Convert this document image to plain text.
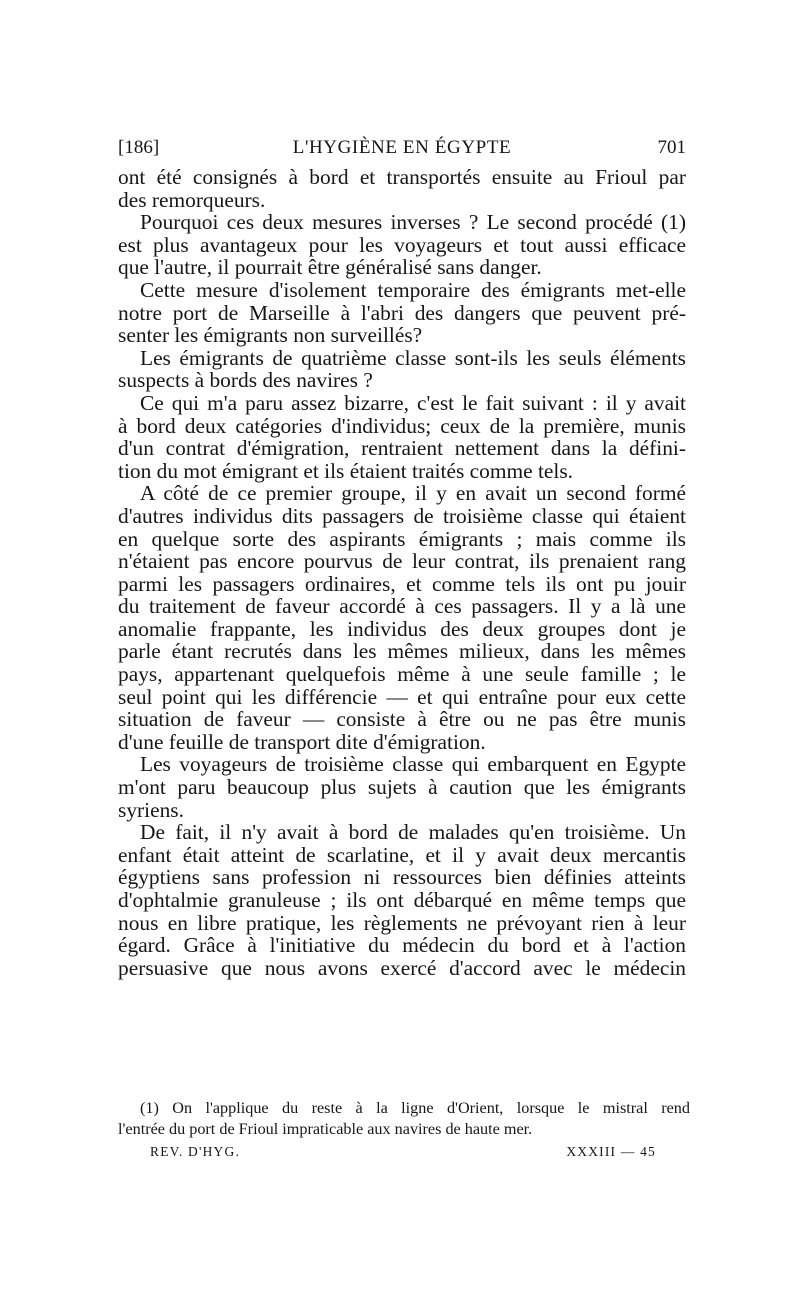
[186]	L'HYGIÈNE EN ÉGYPTE	701
ont été consignés à bord et transportés ensuite au Frioul par
des remorqueurs.
Pourquoi ces deux mesures inverses ? Le second procédé (1)
est plus avantageux pour les voyageurs et tout aussi efficace
que l'autre, il pourrait être généralisé sans danger.
Cette mesure d'isolement temporaire des émigrants met-elle
notre port de Marseille à l'abri des dangers que peuvent pré-
senter les émigrants non surveillés?
Les émigrants de quatrième classe sont-ils les seuls éléments
suspects à bords des navires ?
Ce qui m'a paru assez bizarre, c'est le fait suivant : il y avait
à bord deux catégories d'individus; ceux de la première, munis
d'un contrat d'émigration, rentraient nettement dans la défini-
tion du mot émigrant et ils étaient traités comme tels.
A côté de ce premier groupe, il y en avait un second formé
d'autres individus dits passagers de troisième classe qui étaient
en quelque sorte des aspirants émigrants ; mais comme ils
n'étaient pas encore pourvus de leur contrat, ils prenaient rang
parmi les passagers ordinaires, et comme tels ils ont pu jouir
du traitement de faveur accordé à ces passagers. Il y a là une
anomalie frappante, les individus des deux groupes dont je
parle étant recrutés dans les mêmes milieux, dans les mêmes
pays, appartenant quelquefois même à une seule famille ; le
seul point qui les différencie — et qui entraîne pour eux cette
situation de faveur — consiste à être ou ne pas être munis
d'une feuille de transport dite d'émigration.
Les voyageurs de troisième classe qui embarquent en Egypte
m'ont paru beaucoup plus sujets à caution que les émigrants
syriens.
De fait, il n'y avait à bord de malades qu'en troisième. Un
enfant était atteint de scarlatine, et il y avait deux mercantis
égyptiens sans profession ni ressources bien définies atteints
d'ophtalmie granuleuse ; ils ont débarqué en même temps que
nous en libre pratique, les règlements ne prévoyant rien à leur
égard. Grâce à l'initiative du médecin du bord et à l'action
persuasive que nous avons exercé d'accord avec le médecin
(1) On l'applique du reste à la ligne d'Orient, lorsque le mistral rend
l'entrée du port de Frioul impraticable aux navires de haute mer.
REV. D'HYG.	XXXIII — 45
